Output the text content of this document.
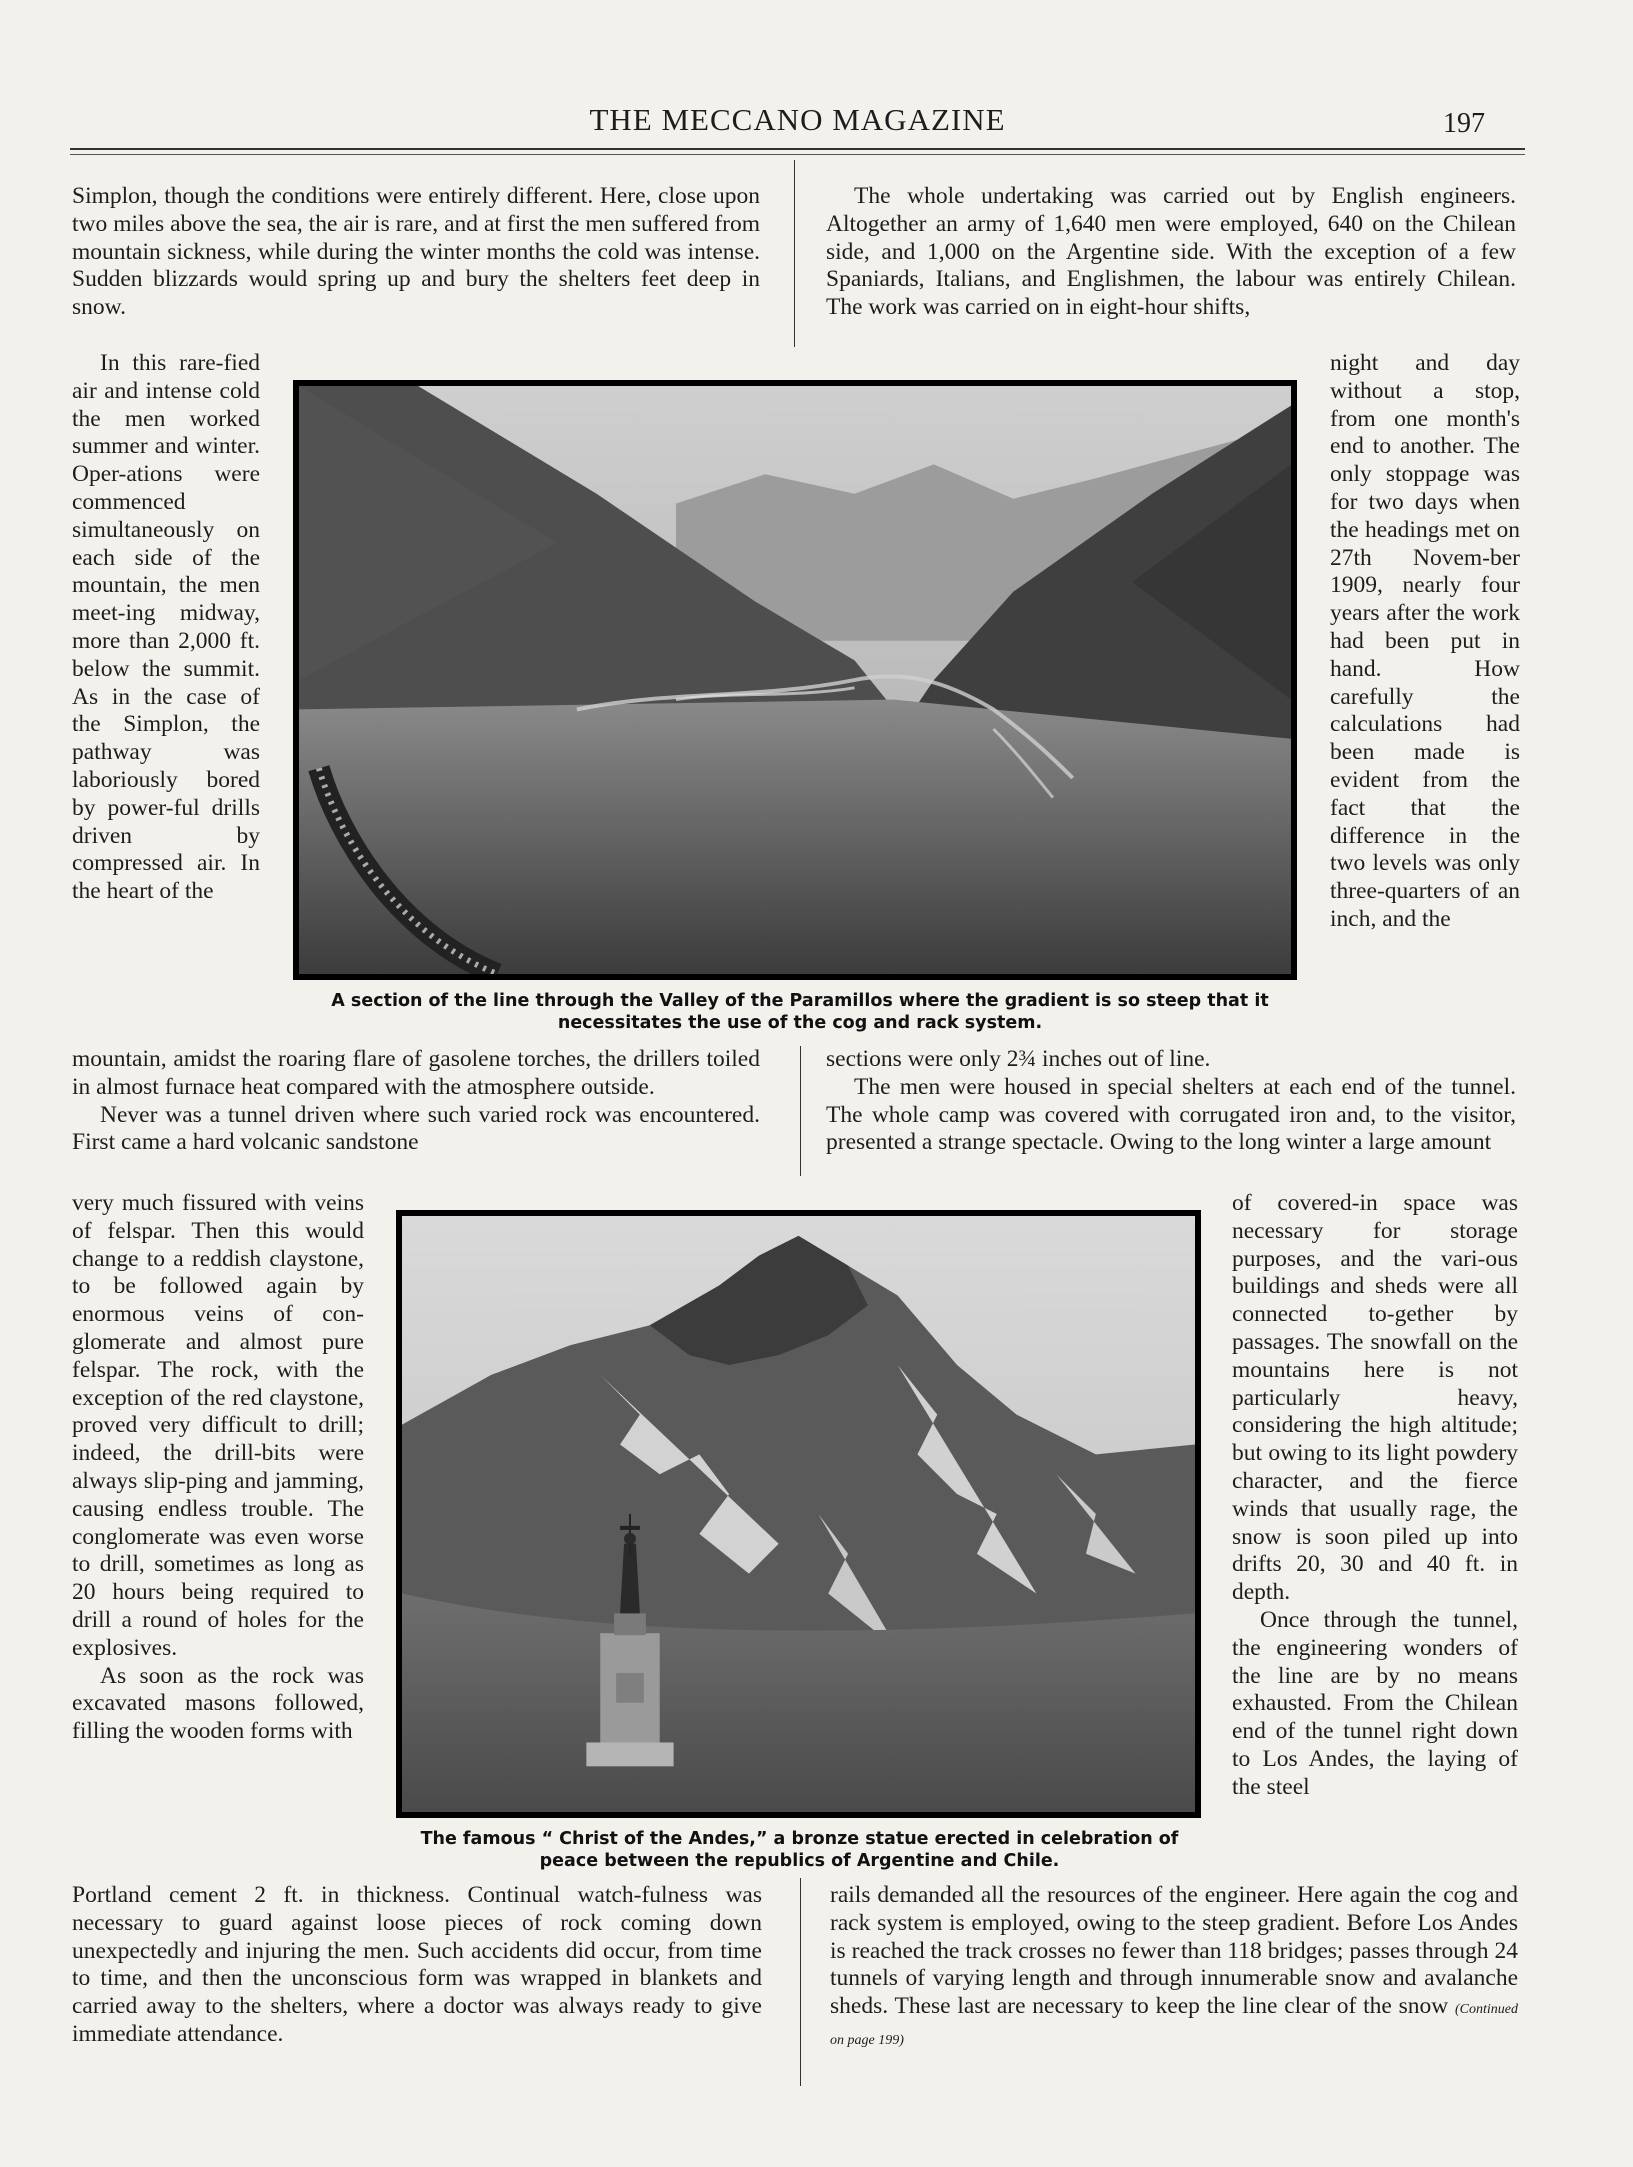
THE MECCANO MAGAZINE	197

Simplon, though the conditions were entirely different. Here, close upon two miles above the sea, the air is rare, and at first the men suffered from mountain sickness, while during the winter months the cold was intense. Sudden blizzards would spring up and bury the shelters feet deep in snow.

The whole undertaking was carried out by English engineers. Altogether an army of 1,640 men were employed, 640 on the Chilean side, and 1,000 on the Argentine side. With the exception of a few Spaniards, Italians, and Englishmen, the labour was entirely Chilean. The work was carried on in eight-hour shifts,

In this rare-fied air and intense cold the men worked summer and winter. Oper-ations were commenced simultaneously on each side of the mountain, the men meet-ing midway, more than 2,000 ft. below the summit. As in the case of the Simplon, the pathway was laboriously bored by power-ful drills driven by compressed air. In the heart of the

night and day without a stop, from one month's end to another. The only stoppage was for two days when the headings met on 27th Novem-ber 1909, nearly four years after the work had been put in hand. How carefully the calculations had been made is evident from the fact that the difference in the two levels was only three-quarters of an inch, and the

A section of the line through the Valley of the Paramillos where the gradient is so steep that it necessitates the use of the cog and rack system.

mountain, amidst the roaring flare of gasolene torches, the drillers toiled in almost furnace heat compared with the atmosphere outside.

Never was a tunnel driven where such varied rock was encountered. First came a hard volcanic sandstone

sections were only 2¾ inches out of line.

The men were housed in special shelters at each end of the tunnel. The whole camp was covered with corrugated iron and, to the visitor, presented a strange spectacle. Owing to the long winter a large amount

very much fissured with veins of felspar. Then this would change to a reddish claystone, to be followed again by enormous veins of con-glomerate and almost pure felspar. The rock, with the exception of the red claystone, proved very difficult to drill; indeed, the drill-bits were always slip-ping and jamming, causing endless trouble. The conglomerate was even worse to drill, sometimes as long as 20 hours being required to drill a round of holes for the explosives.

As soon as the rock was excavated masons followed, filling the wooden forms with

of covered-in space was necessary for storage purposes, and the vari-ous buildings and sheds were all connected to-gether by passages. The snowfall on the mountains here is not particularly heavy, considering the high altitude; but owing to its light powdery character, and the fierce winds that usually rage, the snow is soon piled up into drifts 20, 30 and 40 ft. in depth.

Once through the tunnel, the engineering wonders of the line are by no means exhausted. From the Chilean end of the tunnel right down to Los Andes, the laying of the steel

The famous “ Christ of the Andes,” a bronze statue erected in celebration of peace between the republics of Argentine and Chile.

Portland cement 2 ft. in thickness. Continual watch-fulness was necessary to guard against loose pieces of rock coming down unexpectedly and injuring the men. Such accidents did occur, from time to time, and then the unconscious form was wrapped in blankets and carried away to the shelters, where a doctor was always ready to give immediate attendance.

rails demanded all the resources of the engineer. Here again the cog and rack system is employed, owing to the steep gradient. Before Los Andes is reached the track crosses no fewer than 118 bridges; passes through 24 tunnels of varying length and through innumerable snow and avalanche sheds. These last are necessary to keep the line clear of the snow (Continued on page 199)
